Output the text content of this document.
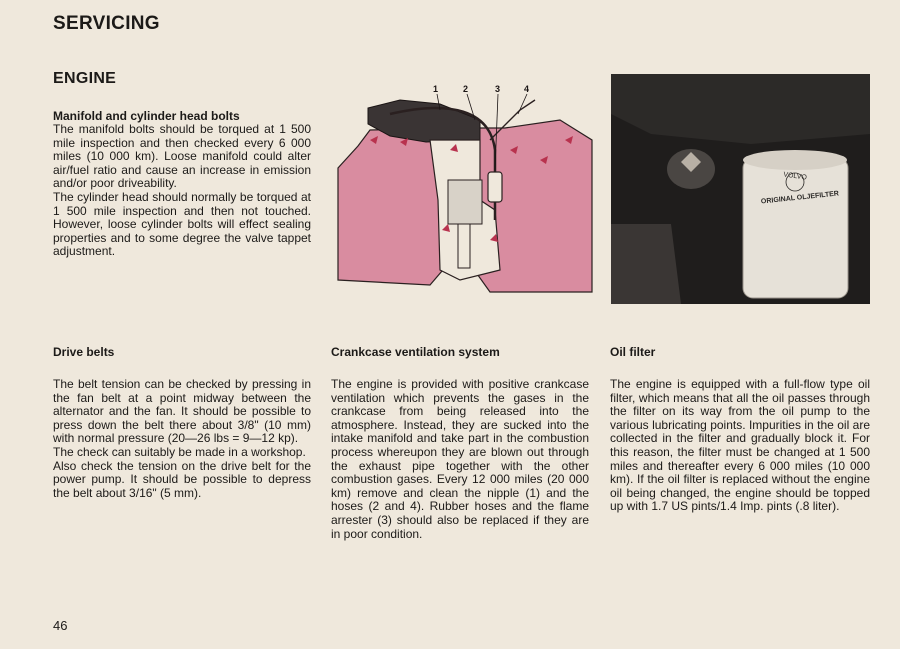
SERVICING
ENGINE
Manifold and cylinder head bolts
The manifold bolts should be torqued at 1 500 mile inspection and then checked every 6 000 miles (10 000 km). Loose manifold could alter air/fuel ratio and cause an increase in emission and/or poor driveability.
The cylinder head should normally be torqued at 1 500 mile inspection and then not touched. However, loose cylinder bolts will effect sealing properties and to some degree the valve tappet adjustment.
Drive belts
The belt tension can be checked by pressing in the fan belt at a point midway between the alternator and the fan. It should be possible to press down the belt there about 3/8" (10 mm) with normal pressure (20—26 lbs = 9—12 kp).
The check can suitably be made in a workshop.
Also check the tension on the drive belt for the power pump. It should be possible to depress the belt about 3/16" (5 mm).
1	2	3	4
Crankcase ventilation system
The engine is provided with positive crankcase ventilation which prevents the gases in the crankcase from being released into the atmosphere. Instead, they are sucked into the intake manifold and take part in the combustion process whereupon they are blown out through the exhaust pipe together with the other combustion gases. Every 12 000 miles (20 000 km) remove and clean the nipple (1) and the hoses (2 and 4). Rubber hoses and the flame arrester (3) should also be replaced if they are in poor condition.
VOLVO
ORIGINAL OLJEFILTER
Oil filter
The engine is equipped with a full-flow type oil filter, which means that all the oil passes through the filter on its way from the oil pump to the various lubricating points. Impurities in the oil are collected in the filter and gradually block it. For this reason, the filter must be changed at 1 500 miles and thereafter every 6 000 miles (10 000 km). If the oil filter is replaced without the engine oil being changed, the engine should be topped up with 1.7 US pints/1.4 Imp. pints (.8 liter).
46
